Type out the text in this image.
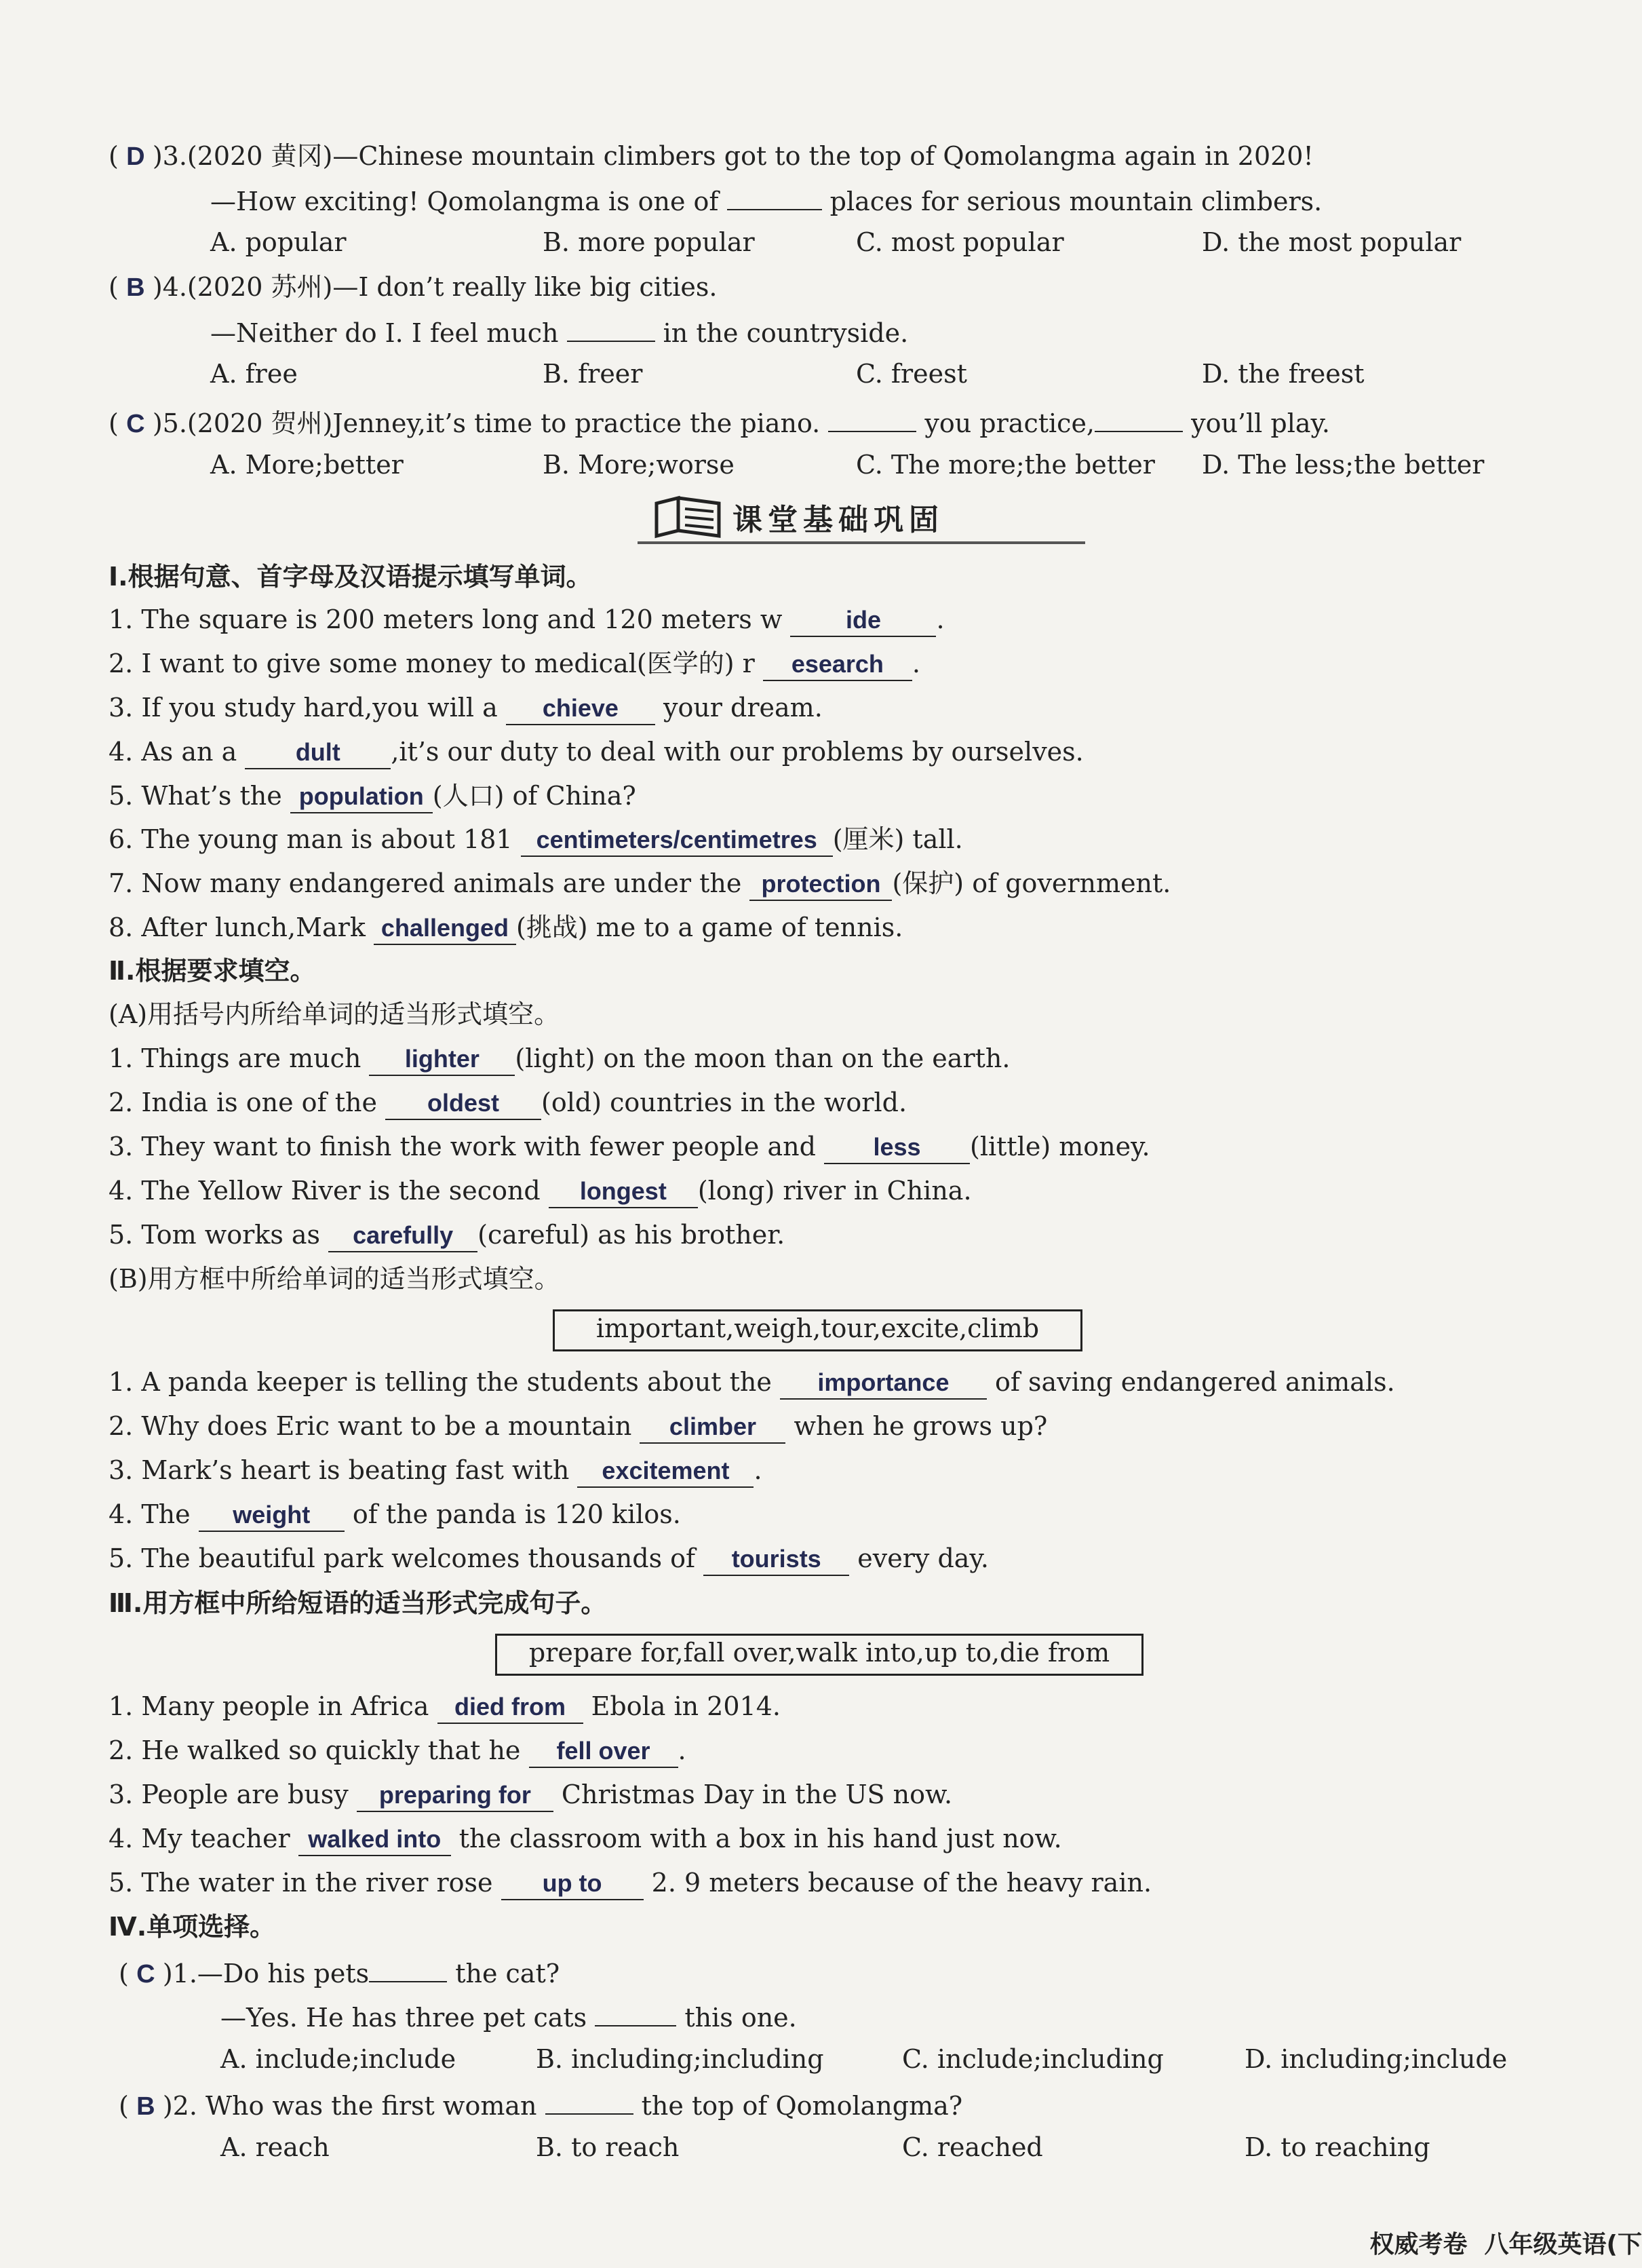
( D )3.(2020 黄冈)—Chinese mountain climbers got to the top of Qomolangma again in 2020!
—How exciting! Qomolangma is one of	places for serious mountain climbers.
A. popular	B. more popular	C. most popular	D. the most popular
( B )4.(2020 苏州)—I don’t really like big cities.
—Neither do I. I feel much	in the countryside.
A. free	B. freer	C. freest	D. the freest
( C )5.(2020 贺州)Jenney,it’s time to practice the piano.	you practice,	you’ll play.
A. More;better	B. More;worse	C. The more;the better D. The less;the better
课堂基础巩固
Ⅰ.根据句意、首字母及汉语提示填写单词。
1. The square is 200 meters long and 120 meters w ide .
2. I want to give some money to medical(医学的) r esearch .
3. If you study hard,you will a chieve your dream.
4. As an a dult ,it’s our duty to deal with our problems by ourselves.
5. What’s the population (人口) of China?
6. The young man is about 181 centimeters/centimetres (厘米) tall.
7. Now many endangered animals are under the protection (保护) of government.
8. After lunch,Mark challenged (挑战) me to a game of tennis.
Ⅱ.根据要求填空。
(A)用括号内所给单词的适当形式填空。
1. Things are much lighter (light) on the moon than on the earth.
2. India is one of the oldest (old) countries in the world.
3. They want to finish the work with fewer people and less (little) money.
4. The Yellow River is the second longest (long) river in China.
5. Tom works as carefully (careful) as his brother.
(B)用方框中所给单词的适当形式填空。
important,weigh,tour,excite,climb
1. A panda keeper is telling the students about the importance of saving endangered animals.
2. Why does Eric want to be a mountain climber when he grows up?
3. Mark’s heart is beating fast with excitement .
4. The weight of the panda is 120 kilos.
5. The beautiful park welcomes thousands of tourists every day.
Ⅲ.用方框中所给短语的适当形式完成句子。
prepare for,fall over,walk into,up to,die from
1. Many people in Africa died from Ebola in 2014.
2. He walked so quickly that he fell over .
3. People are busy preparing for Christmas Day in the US now.
4. My teacher walked into the classroom with a box in his hand just now.
5. The water in the river rose up to 2. 9 meters because of the heavy rain.
Ⅳ.单项选择。
( C )1.—Do his pets	the cat?
—Yes. He has three pet cats	this one.
A. include;include	B. including;including	C. include;including	D. including;include
( B )2. Who was the first woman	the top of Qomolangma?
A. reach	B. to reach	C. reached	D. to reaching
权威考卷  八年级英语(下
